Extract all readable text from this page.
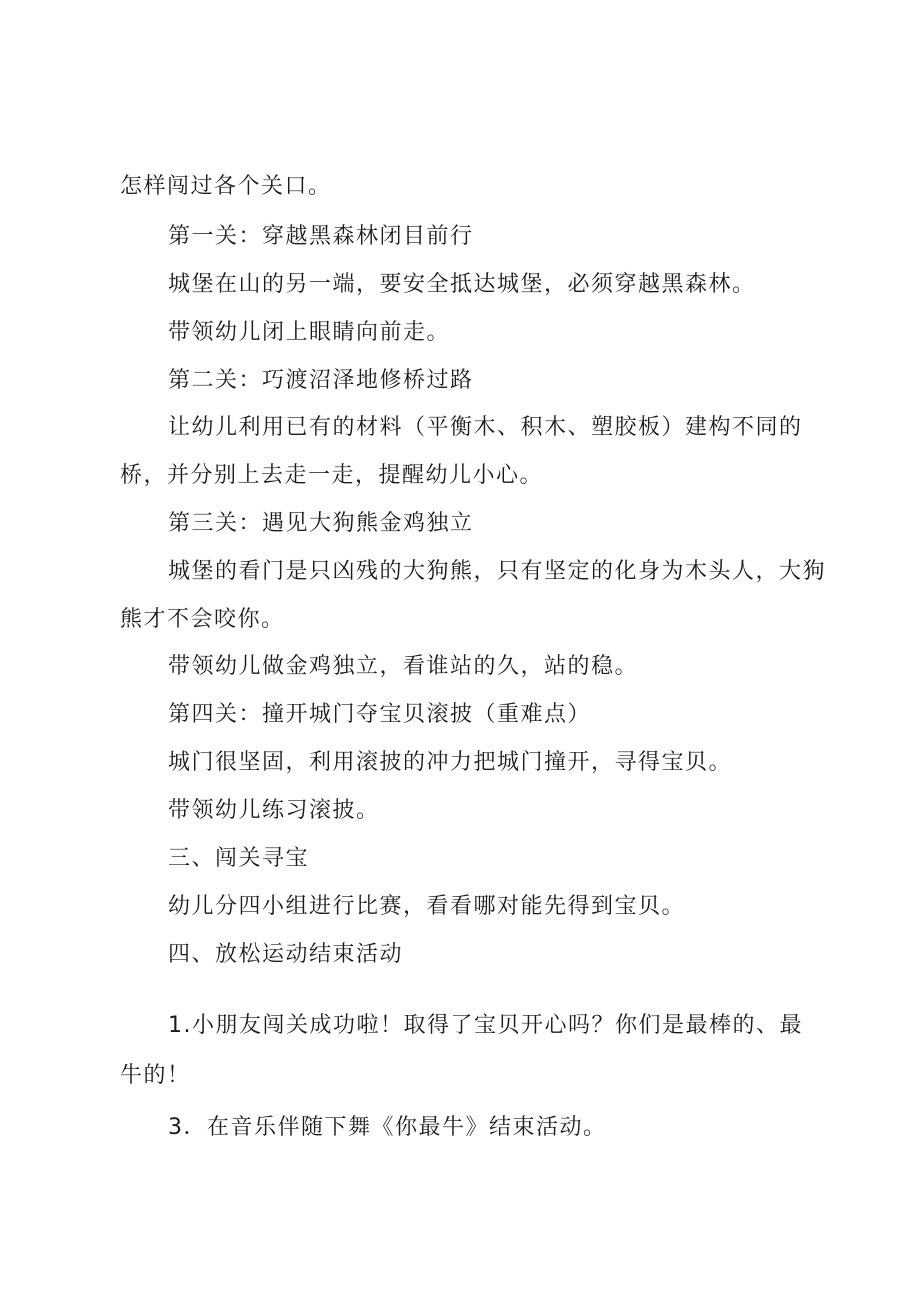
怎样闯过各个关口。
第一关：穿越黑森林闭目前行
城堡在山的另一端，要安全抵达城堡，必须穿越黑森林。
带领幼儿闭上眼睛向前走。
第二关：巧渡沼泽地修桥过路
让幼儿利用已有的材料（平衡木、积木、塑胶板）建构不同的
桥，并分别上去走一走，提醒幼儿小心。
第三关：遇见大狗熊金鸡独立
城堡的看门是只凶残的大狗熊，只有坚定的化身为木头人，大狗
熊才不会咬你。
带领幼儿做金鸡独立，看谁站的久，站的稳。
第四关：撞开城门夺宝贝滚披（重难点）
城门很坚固，利用滚披的冲力把城门撞开，寻得宝贝。
带领幼儿练习滚披。
三、闯关寻宝
幼儿分四小组进行比赛，看看哪对能先得到宝贝。
四、放松运动结束活动
1.小朋友闯关成功啦！取得了宝贝开心吗？你们是最棒的、最
牛的！
3．在音乐伴随下舞《你最牛》结束活动。
